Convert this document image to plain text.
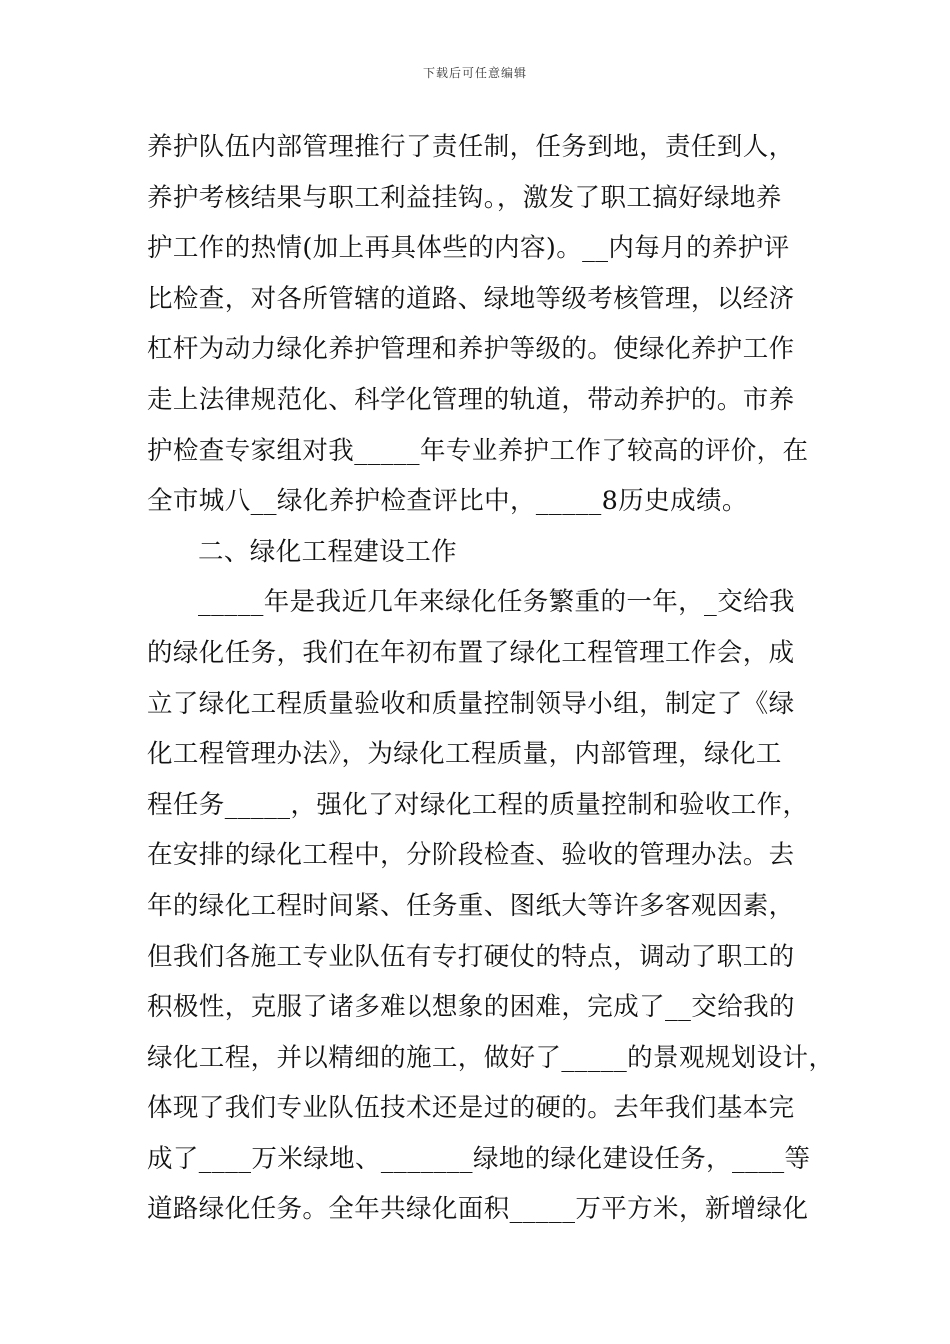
下载后可任意编辑
养护队伍内部管理推行了责任制，任务到地，责任到人，
养护考核结果与职工利益挂钩。，激发了职工搞好绿地养
护工作的热情(加上再具体些的内容)。__内每月的养护评
比检查，对各所管辖的道路、绿地等级考核管理，以经济
杠杆为动力绿化养护管理和养护等级的。使绿化养护工作
走上法律规范化、科学化管理的轨道，带动养护的。市养
护检查专家组对我_____年专业养护工作了较高的评价，在
全市城八__绿化养护检查评比中，_____8历史成绩。
二、绿化工程建设工作
_____年是我近几年来绿化任务繁重的一年，_交给我
的绿化任务，我们在年初布置了绿化工程管理工作会，成
立了绿化工程质量验收和质量控制领导小组，制定了《绿
化工程管理办法》，为绿化工程质量，内部管理，绿化工
程任务_____，强化了对绿化工程的质量控制和验收工作，
在安排的绿化工程中，分阶段检查、验收的管理办法。去
年的绿化工程时间紧、任务重、图纸大等许多客观因素，
但我们各施工专业队伍有专打硬仗的特点，调动了职工的
积极性，克服了诸多难以想象的困难，完成了__交给我的
绿化工程，并以精细的施工，做好了_____的景观规划设计，
体现了我们专业队伍技术还是过的硬的。去年我们基本完
成了____万米绿地、_______绿地的绿化建设任务，____等
道路绿化任务。全年共绿化面积_____万平方米，新增绿化
